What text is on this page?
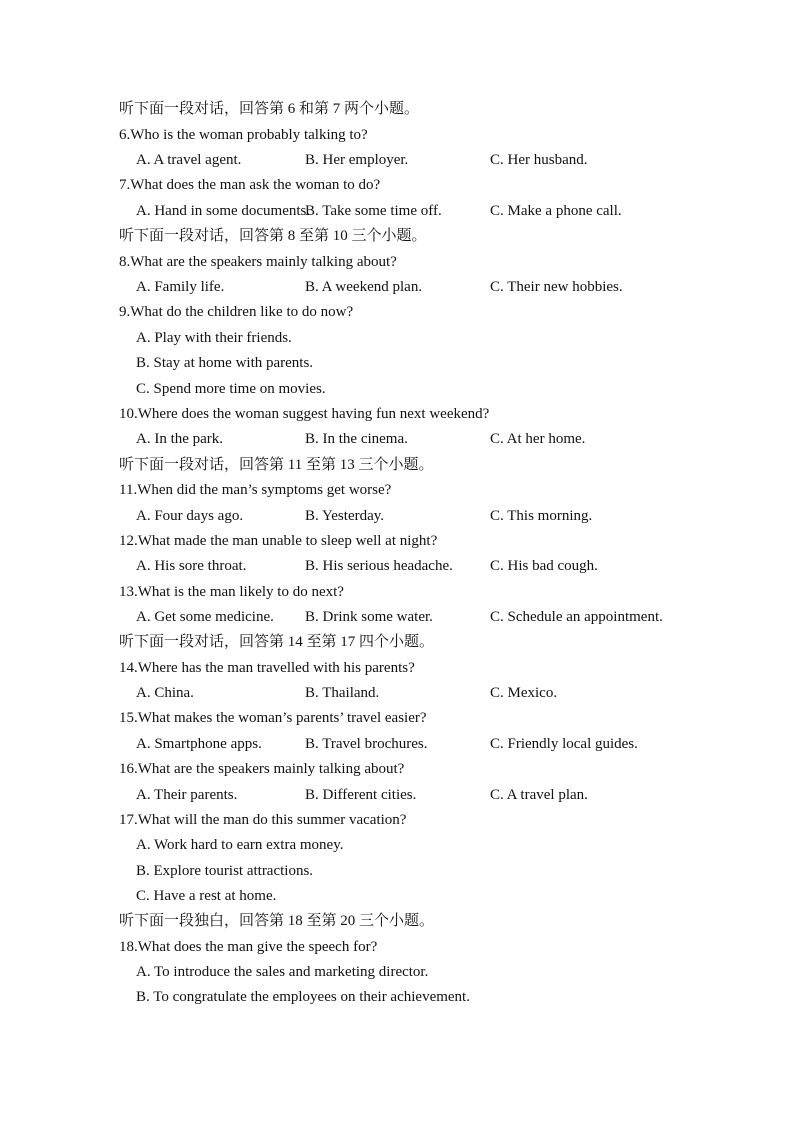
听下面一段对话，回答第 6 和第 7 两个小题。
6.Who is the woman probably talking to?
A. A travel agent.	B. Her employer.	C. Her husband.
7.What does the man ask the woman to do?
A. Hand in some documents.
B. Take some time off.	C. Make a phone call.
听下面一段对话，回答第 8 至第 10 三个小题。
8.What are the speakers mainly talking about?
A. Family life.	B. A weekend plan.	C. Their new hobbies.
9.What do the children like to do now?
A. Play with their friends.
B. Stay at home with parents.
C. Spend more time on movies.
10.Where does the woman suggest having fun next weekend?
A. In the park.	B. In the cinema.	C. At her home.
听下面一段对话，回答第 11 至第 13 三个小题。
11.When did the man’s symptoms get worse?
A. Four days ago.	B. Yesterday.	C. This morning.
12.What made the man unable to sleep well at night?
A. His sore throat.	B. His serious headache. C. His bad cough.
13.What is the man likely to do next?
A. Get some medicine. B. Drink some water.	C. Schedule an appointment.
听下面一段对话，回答第 14 至第 17 四个小题。
14.Where has the man travelled with his parents?
A. China.	B. Thailand.	C. Mexico.
15.What makes the woman’s parents’ travel easier?
A. Smartphone apps.	B. Travel brochures.	C. Friendly local guides.
16.What are the speakers mainly talking about?
A. Their parents.	B. Different cities.	C. A travel plan.
17.What will the man do this summer vacation?
A. Work hard to earn extra money.
B. Explore tourist attractions.
C. Have a rest at home.
听下面一段独白，回答第 18 至第 20 三个小题。
18.What does the man give the speech for?
A. To introduce the sales and marketing director.
B. To congratulate the employees on their achievement.
